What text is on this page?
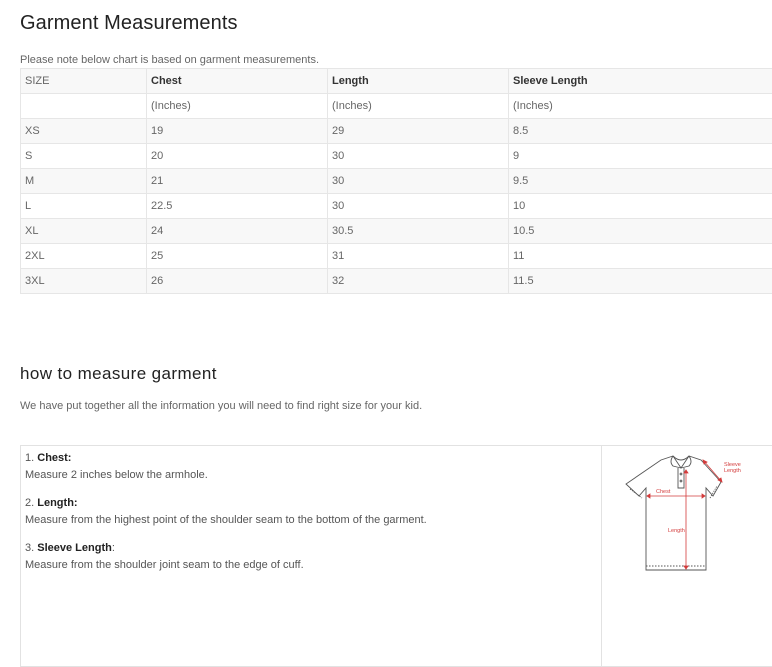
Garment Measurements
Please note below chart is based on garment measurements.
SIZE	Chest	Length	Sleeve Length
	(Inches)	(Inches)	(Inches)
XS	19	29	8.5
S	20	30	9
M	21	30	9.5
L	22.5	30	10
XL	24	30.5	10.5
2XL	25	31	11
3XL	26	32	11.5
how to measure garment
We have put together all the information you will need to find right size for your kid.
1. Chest:
Measure 2 inches below the armhole.
2. Length:
Measure from the highest point of the shoulder seam to the bottom of the garment.
3. Sleeve Length:
Measure from the shoulder joint seam to the edge of cuff.
Sleeve
Length
Chest
Length
